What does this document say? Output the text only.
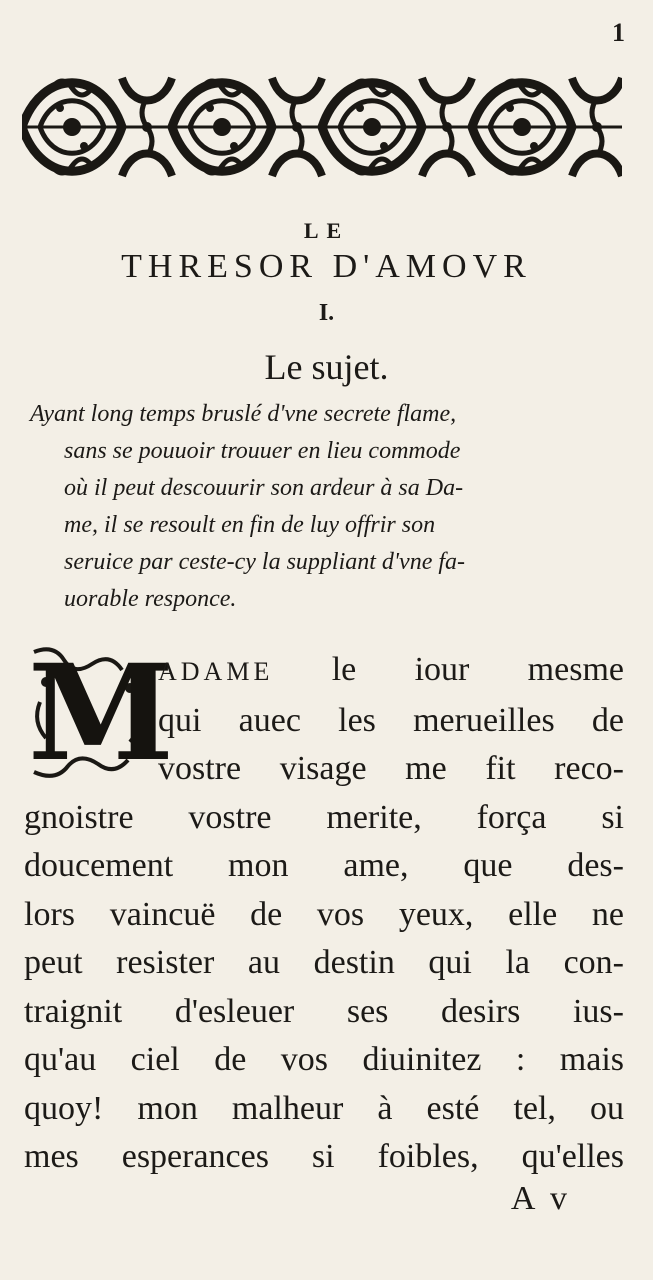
1
LE
THRESOR D'AMOVR
I.
Le sujet.
Ayant long temps bruslé d'vne secrete flame,
sans se pouuoir trouuer en lieu commode
où il peut descouurir son ardeur à sa Da-
me, il se resoult en fin de luy offrir son
seruice par ceste-cy la suppliant d'vne fa-
uorable responce.
M
ADAME le iour mesme
qui auec les merueilles de
vostre visage me fit reco-
gnoistre vostre merite, força si
doucement mon ame, que des-
lors vaincuë de vos yeux, elle ne
peut resister au destin qui la con-
traignit d'esleuer ses desirs ius-
qu'au ciel de vos diuinitez : mais
quoy! mon malheur à esté tel, ou
mes esperances si foibles, qu'elles
A v
